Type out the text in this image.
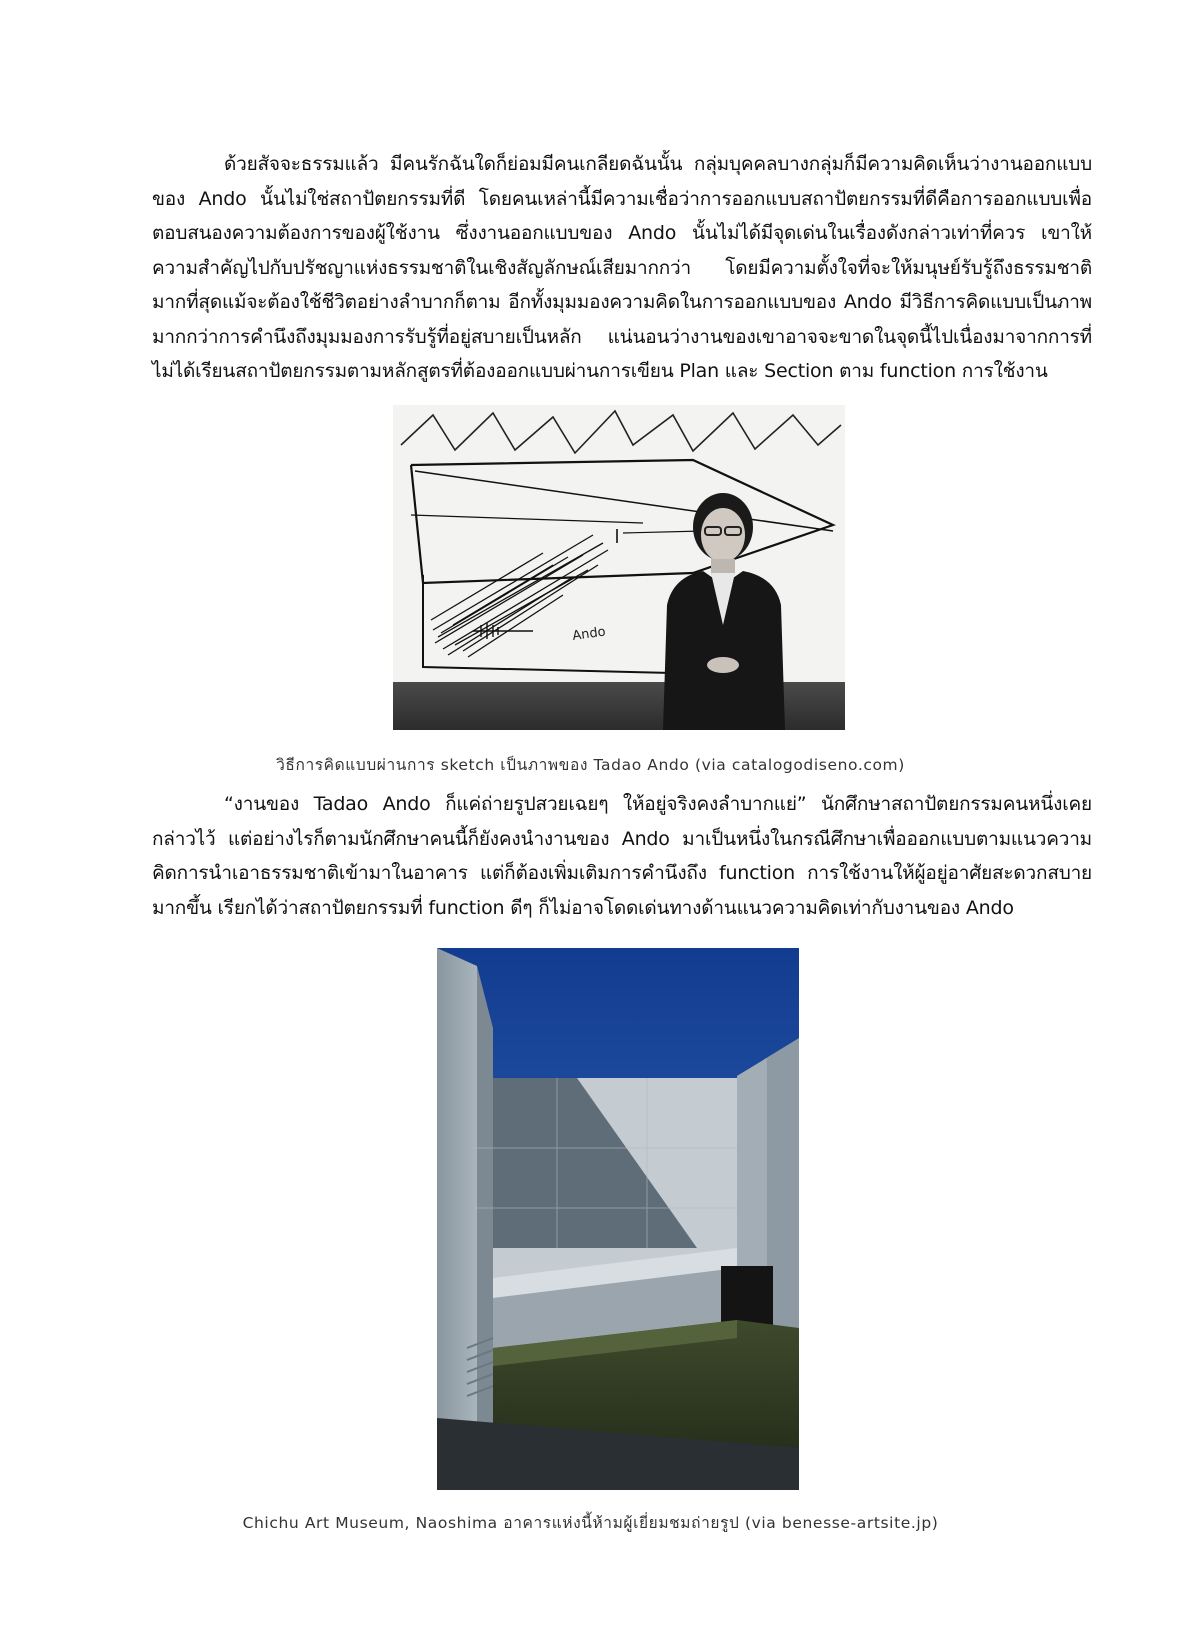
ด้วยสัจจะธรรมแล้ว มีคนรักฉันใดก็ย่อมมีคนเกลียดฉันนั้น กลุ่มบุคคลบางกลุ่มก็มีความคิดเห็นว่างานออกแบบของ Ando นั้นไม่ใช่สถาปัตยกรรมที่ดี โดยคนเหล่านี้มีความเชื่อว่าการออกแบบสถาปัตยกรรมที่ดีคือการออกแบบเพื่อตอบสนองความต้องการของผู้ใช้งาน ซึ่งงานออกแบบของ Ando นั้นไม่ได้มีจุดเด่นในเรื่องดังกล่าวเท่าที่ควร เขาให้ความสำคัญไปกับปรัชญาแห่งธรรมชาติในเชิงสัญลักษณ์เสียมากกว่า โดยมีความตั้งใจที่จะให้มนุษย์รับรู้ถึงธรรมชาติมากที่สุดแม้จะต้องใช้ชีวิตอย่างลำบากก็ตาม อีกทั้งมุมมองความคิดในการออกแบบของ Ando มีวิธีการคิดแบบเป็นภาพมากกว่าการคำนึงถึงมุมมองการรับรู้ที่อยู่สบายเป็นหลัก แน่นอนว่างานของเขาอาจจะขาดในจุดนี้ไปเนื่องมาจากการที่ไม่ได้เรียนสถาปัตยกรรมตามหลักสูตรที่ต้องออกแบบผ่านการเขียน Plan และ Section ตาม function การใช้งาน

Ando
วิธีการคิดแบบผ่านการ sketch เป็นภาพของ Tadao Ando (via catalogodiseno.com)

“งานของ Tadao Ando ก็แค่ถ่ายรูปสวยเฉยๆ ให้อยู่จริงคงลำบากแย่” นักศึกษาสถาปัตยกรรมคนหนึ่งเคยกล่าวไว้ แต่อย่างไรก็ตามนักศึกษาคนนี้ก็ยังคงนำงานของ Ando มาเป็นหนึ่งในกรณีศึกษาเพื่อออกแบบตามแนวความคิดการนำเอาธรรมชาติเข้ามาในอาคาร แต่ก็ต้องเพิ่มเติมการคำนึงถึง function การใช้งานให้ผู้อยู่อาศัยสะดวกสบายมากขึ้น เรียกได้ว่าสถาปัตยกรรมที่ function ดีๆ ก็ไม่อาจโดดเด่นทางด้านแนวความคิดเท่ากับงานของ Ando

Chichu Art Museum, Naoshima อาคารแห่งนี้ห้ามผู้เยี่ยมชมถ่ายรูป (via benesse-artsite.jp)
